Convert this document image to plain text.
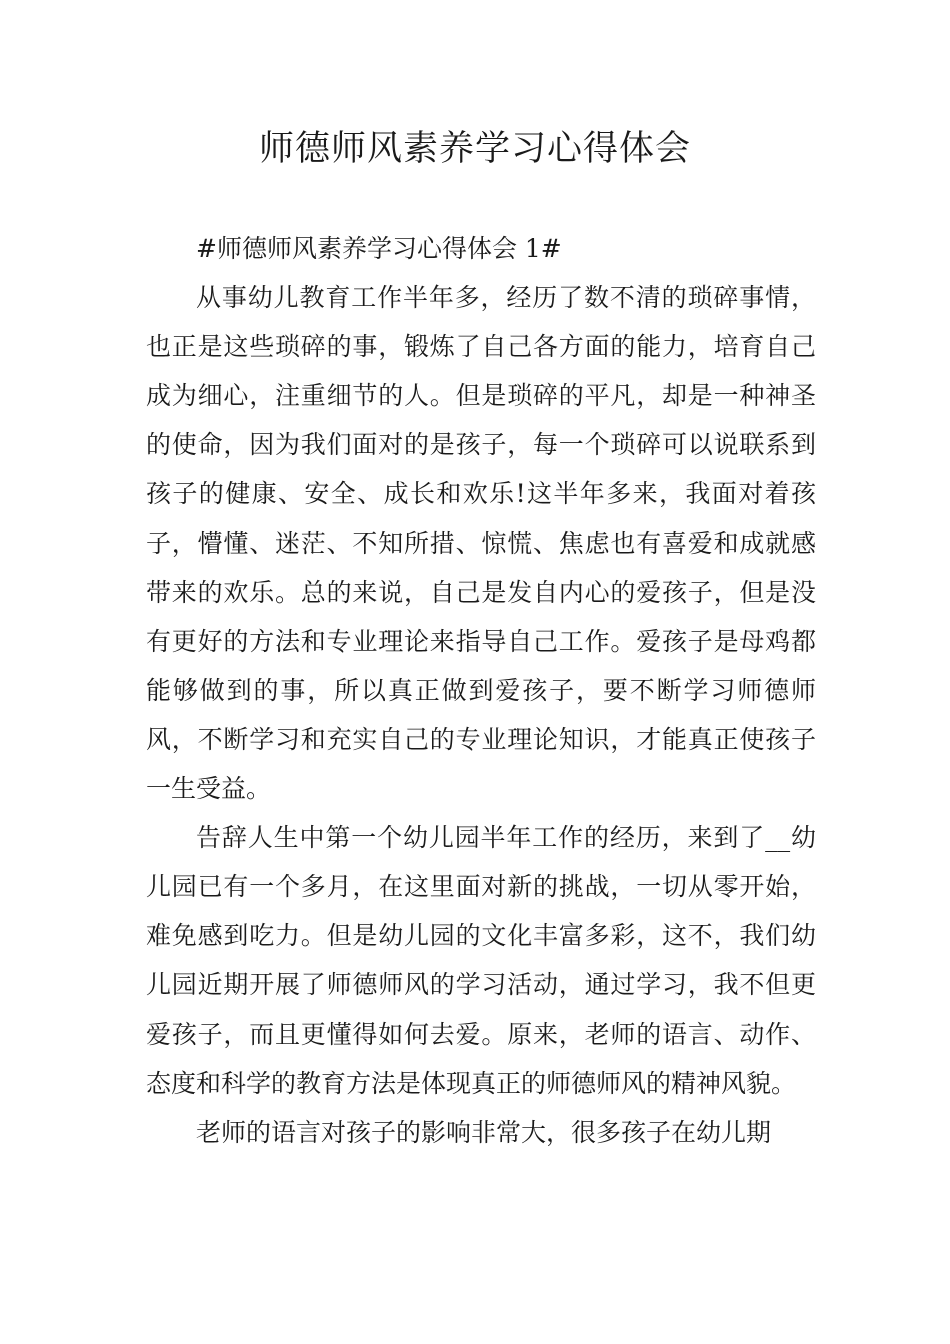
师德师风素养学习心得体会

#师德师风素养学习心得体会 1#

从事幼儿教育工作半年多，经历了数不清的琐碎事情，也正是这些琐碎的事，锻炼了自己各方面的能力，培育自己成为细心，注重细节的人。但是琐碎的平凡，却是一种神圣的使命，因为我们面对的是孩子，每一个琐碎可以说联系到孩子的健康、安全、成长和欢乐!这半年多来，我面对着孩子，懵懂、迷茫、不知所措、惊慌、焦虑也有喜爱和成就感带来的欢乐。总的来说，自己是发自内心的爱孩子，但是没有更好的方法和专业理论来指导自己工作。爱孩子是母鸡都能够做到的事，所以真正做到爱孩子，要不断学习师德师风，不断学习和充实自己的专业理论知识，才能真正使孩子一生受益。

告辞人生中第一个幼儿园半年工作的经历，来到了__幼儿园已有一个多月，在这里面对新的挑战，一切从零开始，难免感到吃力。但是幼儿园的文化丰富多彩，这不，我们幼儿园近期开展了师德师风的学习活动，通过学习，我不但更爱孩子，而且更懂得如何去爱。原来，老师的语言、动作、态度和科学的教育方法是体现真正的师德师风的精神风貌。

老师的语言对孩子的影响非常大，很多孩子在幼儿期
